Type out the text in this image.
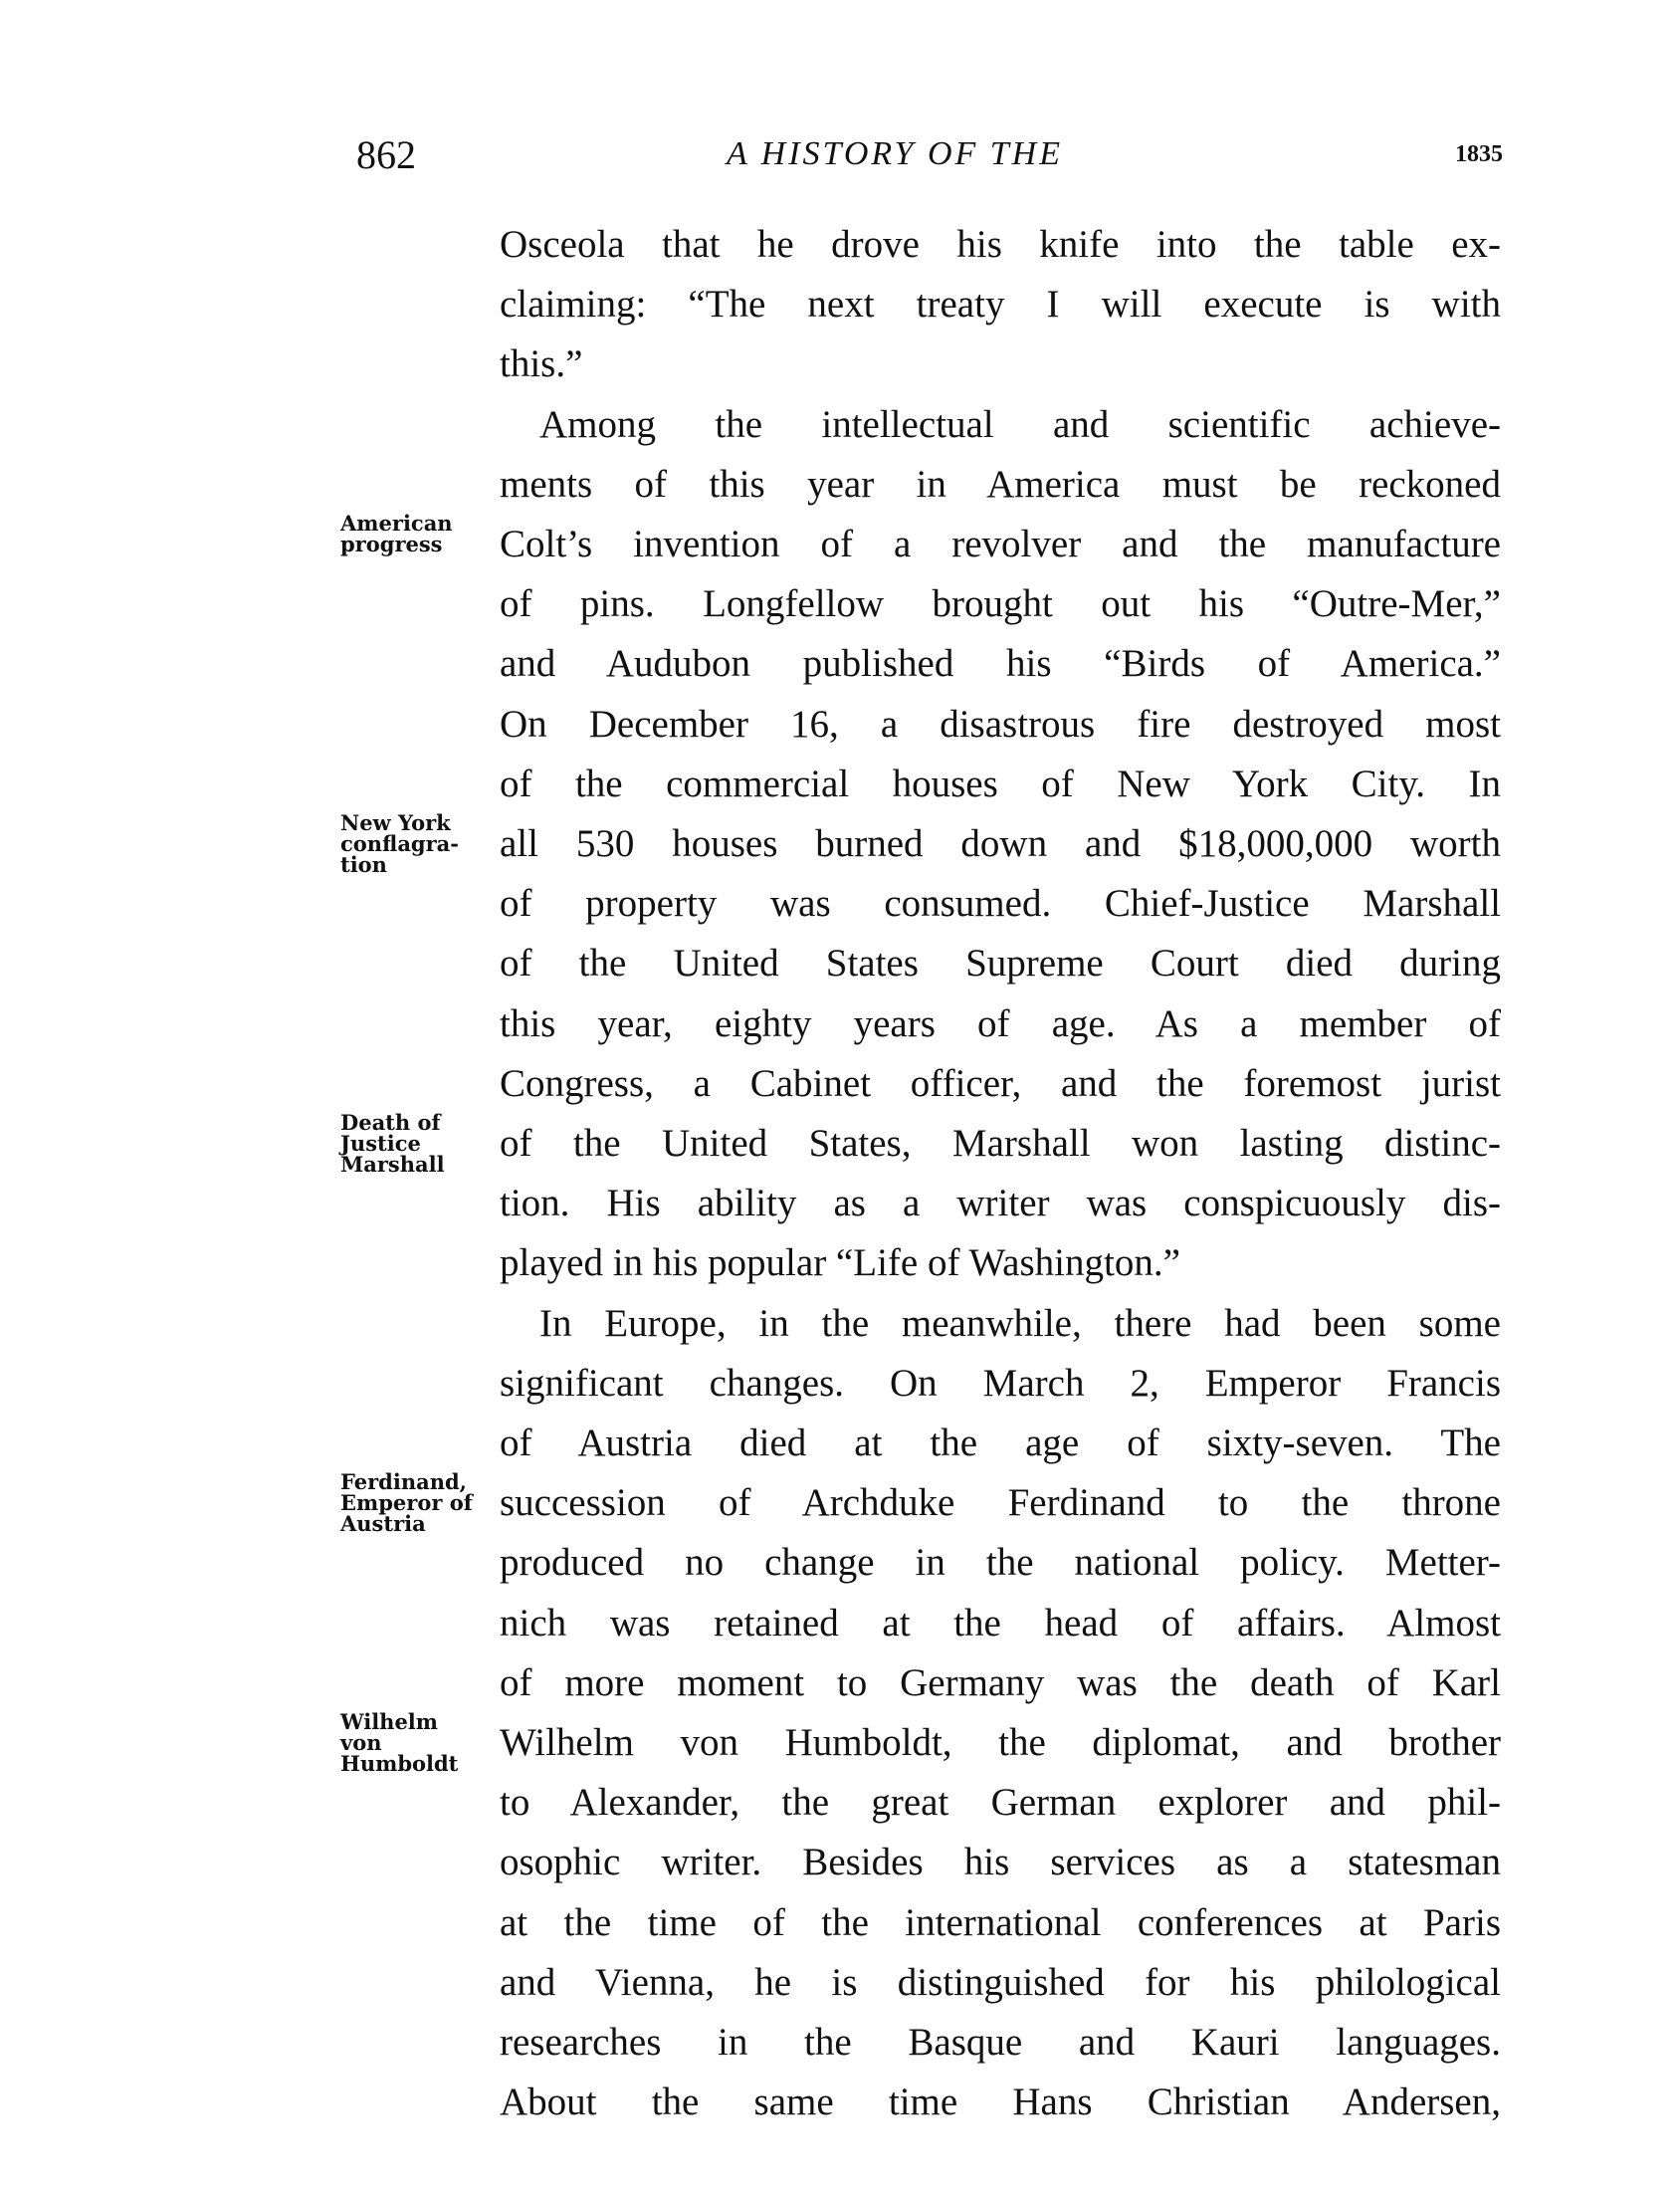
862	A HISTORY OF THE	1835
Osceola that he drove his knife into the table ex-
claiming: “The next treaty I will execute is with
this.”
Among the intellectual and scientific achieve-
ments of this year in America must be reckoned
Colt’s invention of a revolver and the manufacture
of pins. Longfellow brought out his “Outre-Mer,”
and Audubon published his “Birds of America.”
On December 16, a disastrous fire destroyed most
of the commercial houses of New York City. In
all 530 houses burned down and $18,000,000 worth
of property was consumed. Chief-Justice Marshall
of the United States Supreme Court died during
this year, eighty years of age. As a member of
Congress, a Cabinet officer, and the foremost jurist
of the United States, Marshall won lasting distinc-
tion. His ability as a writer was conspicuously dis-
played in his popular “Life of Washington.”
In Europe, in the meanwhile, there had been some
significant changes. On March 2, Emperor Francis
of Austria died at the age of sixty-seven. The
succession of Archduke Ferdinand to the throne
produced no change in the national policy. Metter-
nich was retained at the head of affairs. Almost
of more moment to Germany was the death of Karl
Wilhelm von Humboldt, the diplomat, and brother
to Alexander, the great German explorer and phil-
osophic writer. Besides his services as a statesman
at the time of the international conferences at Paris
and Vienna, he is distinguished for his philological
researches in the Basque and Kauri languages.
About the same time Hans Christian Andersen,
American
progress
New York
conflagra-
tion
Death of
Justice
Marshall
Ferdinand,
Emperor of
Austria
Wilhelm
von
Humboldt
